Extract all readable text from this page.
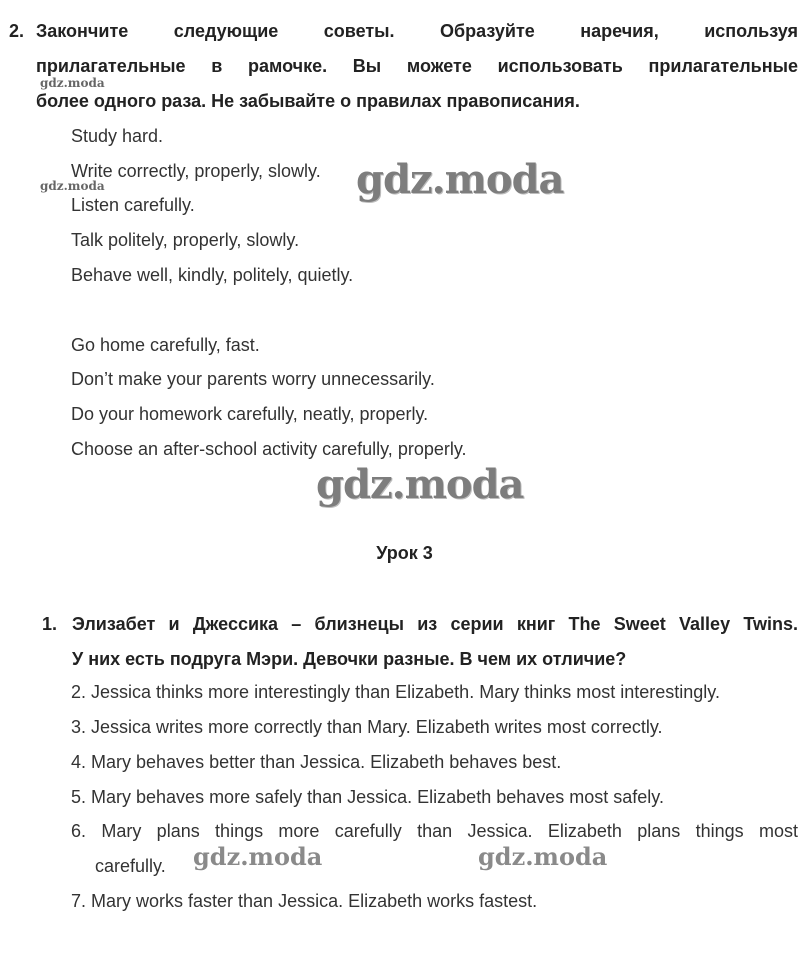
2. Закончите следующие советы. Образуйте наречия, используя
прилагательные в рамочке. Вы можете использовать прилагательные
более одного раза. Не забывайте о правилах правописания.
Study hard.
Write correctly, properly, slowly.
Listen carefully.
Talk politely, properly, slowly.
Behave well, kindly, politely, quietly.
Go home carefully, fast.
Don’t make your parents worry unnecessarily.
Do your homework carefully, neatly, properly.
Choose an after-school activity carefully, properly.
Урок 3
1. Элизабет и Джессика – близнецы из серии книг The Sweet Valley Twins.
У них есть подруга Мэри. Девочки разные. В чем их отличие?
2. Jessica thinks more interestingly than Elizabeth. Mary thinks most interestingly.
3. Jessica writes more correctly than Mary. Elizabeth writes most correctly.
4. Mary behaves better than Jessica. Elizabeth behaves best.
5. Mary behaves more safely than Jessica. Elizabeth behaves most safely.
6. Mary plans things more carefully than Jessica. Elizabeth plans things most
carefully.
7. Mary works faster than Jessica. Elizabeth works fastest.
gdz.moda
gdz.moda	gdz.moda
gdz.moda
gdz.moda	gdz.moda
